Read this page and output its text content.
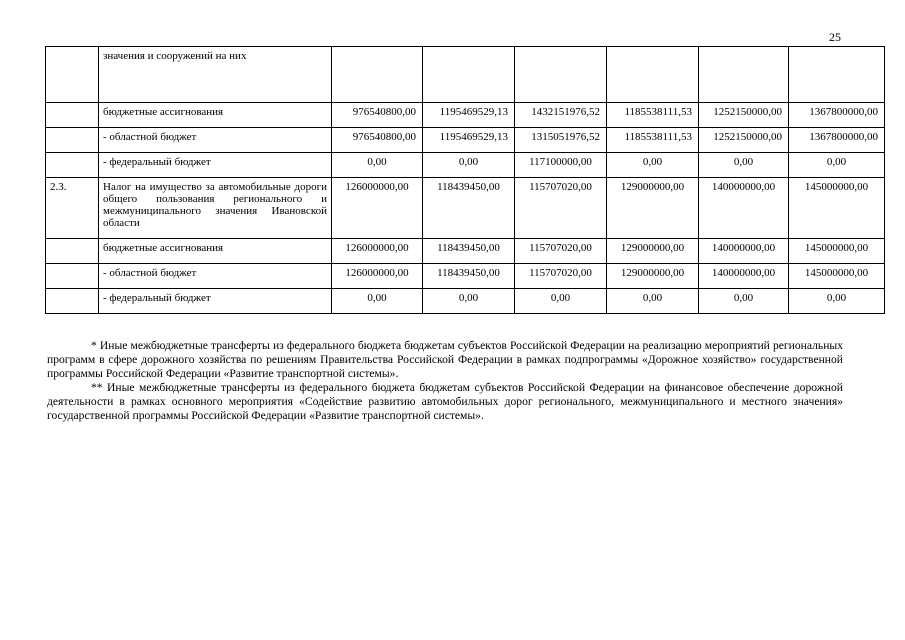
25
	значения и сооружений на них						
	бюджетные ассигнования	976540800,00	1195469529,13	1432151976,52	1185538111,53	1252150000,00	1367800000,00
	- областной бюджет	976540800,00	1195469529,13	1315051976,52	1185538111,53	1252150000,00	1367800000,00
	- федеральный бюджет	0,00	0,00	117100000,00	0,00	0,00	0,00
2.3.	Налог на имущество за автомобильные дороги общего пользования регионального и межмуниципального значения Ивановской области	126000000,00	118439450,00	115707020,00	129000000,00	140000000,00	145000000,00
	бюджетные ассигнования	126000000,00	118439450,00	115707020,00	129000000,00	140000000,00	145000000,00
	- областной бюджет	126000000,00	118439450,00	115707020,00	129000000,00	140000000,00	145000000,00
	- федеральный бюджет	0,00	0,00	0,00	0,00	0,00	0,00

* Иные межбюджетные трансферты из федерального бюджета бюджетам субъектов Российской Федерации на реализацию мероприятий региональных программ в сфере дорожного хозяйства по решениям Правительства Российской Федерации в рамках подпрограммы «Дорожное хозяйство» государственной программы Российской Федерации «Развитие транспортной системы».

** Иные межбюджетные трансферты из федерального бюджета бюджетам субъектов Российской Федерации на финансовое обеспечение дорожной деятельности в рамках основного мероприятия «Содействие развитию автомобильных дорог регионального, межмуниципального и местного значения» государственной программы Российской Федерации «Развитие транспортной системы».
